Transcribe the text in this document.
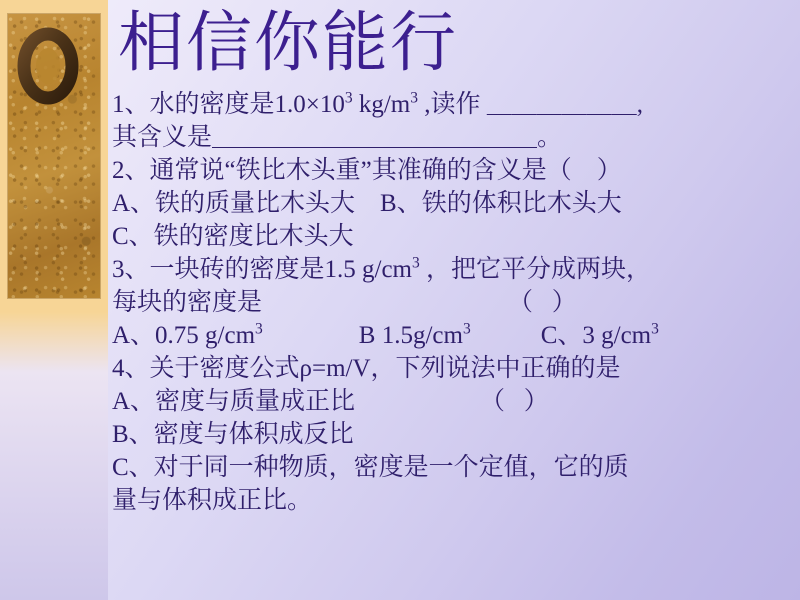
相信你能行
1、水的密度是$1.0\times 10^3$ $kg/m^3$ ,读作 ＿＿＿＿＿＿,
其含义是＿＿＿＿＿＿＿＿＿＿＿＿＿。
2、通常说“铁比木头重”其准确的含义是（    ）
A、铁的质量比木头大    B、铁的体积比木头大
C、铁的密度比木头大
3、一块砖的密度是1.5 $g/cm^3$ ，把它平分成两块，
每块的密度是	（   ）
A、0.75 $g/cm^3$	B $1.5g/cm^3$	C、3 $g/cm^3$
4、关于密度公式ρ=m/V，下列说法中正确的是
A、密度与质量成正比                    （   ）
B、密度与体积成反比
C、对于同一种物质，密度是一个定值，它的质
量与体积成正比。
